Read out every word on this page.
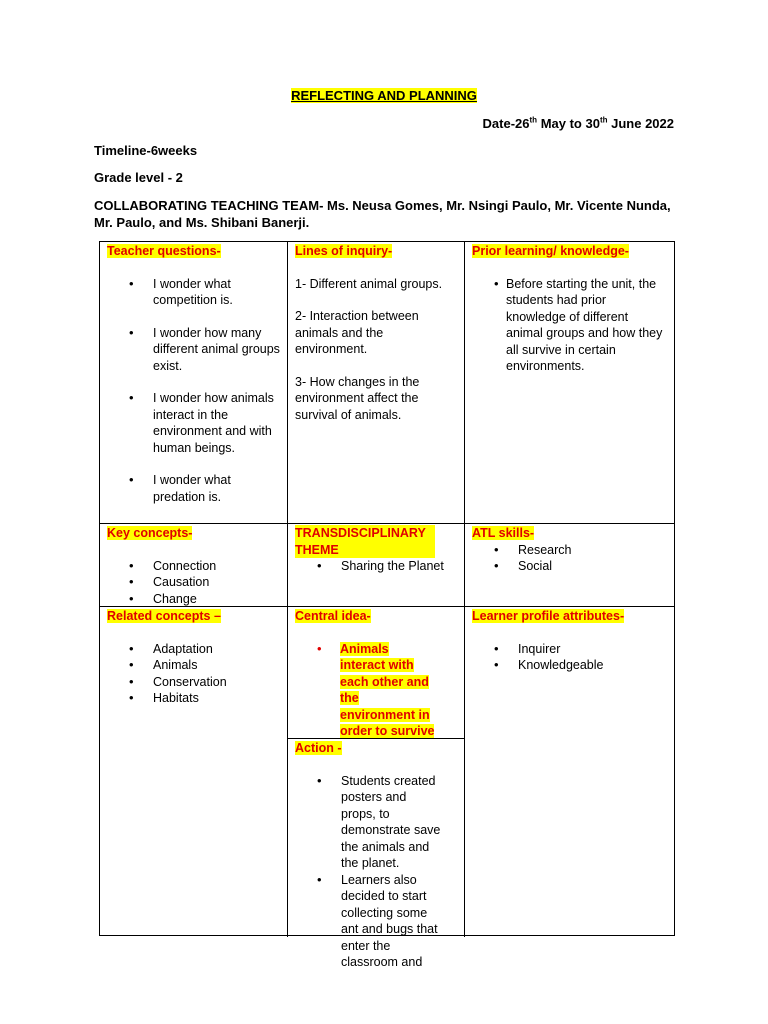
REFLECTING AND PLANNING
Date-26th May to 30th June 2022
Timeline-6weeks
Grade level - 2
COLLABORATING TEACHING TEAM- Ms. Neusa Gomes, Mr. Nsingi Paulo, Mr. Vicente Nunda, Mr. Paulo, and Ms. Shibani Banerji.
Teacher questions-
• I wonder what competition is.
• I wonder how many different animal groups exist.
• I wonder how animals interact in the environment and with human beings.
• I wonder what predation is.
Lines of inquiry-

1- Different animal groups.

2- Interaction between animals and the environment.

3- How changes in the environment affect the survival of animals.

Prior learning/ knowledge-
• Before starting the unit, the students had prior knowledge of different animal groups and how they all survive in certain environments.
Key concepts-
• Connection
• Causation
• Change
TRANSDISCIPLINARY THEME
• Sharing the Planet
ATL skills-
• Research
• Social
Related concepts –
• Adaptation
• Animals
• Conservation
• Habitats
Central idea-
• Animals interact with each other and the environment in order to survive
Action -
• Students created posters and props, to demonstrate save the animals and the planet.
• Learners also decided to start collecting some ant and bugs that enter the classroom and
Learner profile attributes-
• Inquirer
• Knowledgeable
